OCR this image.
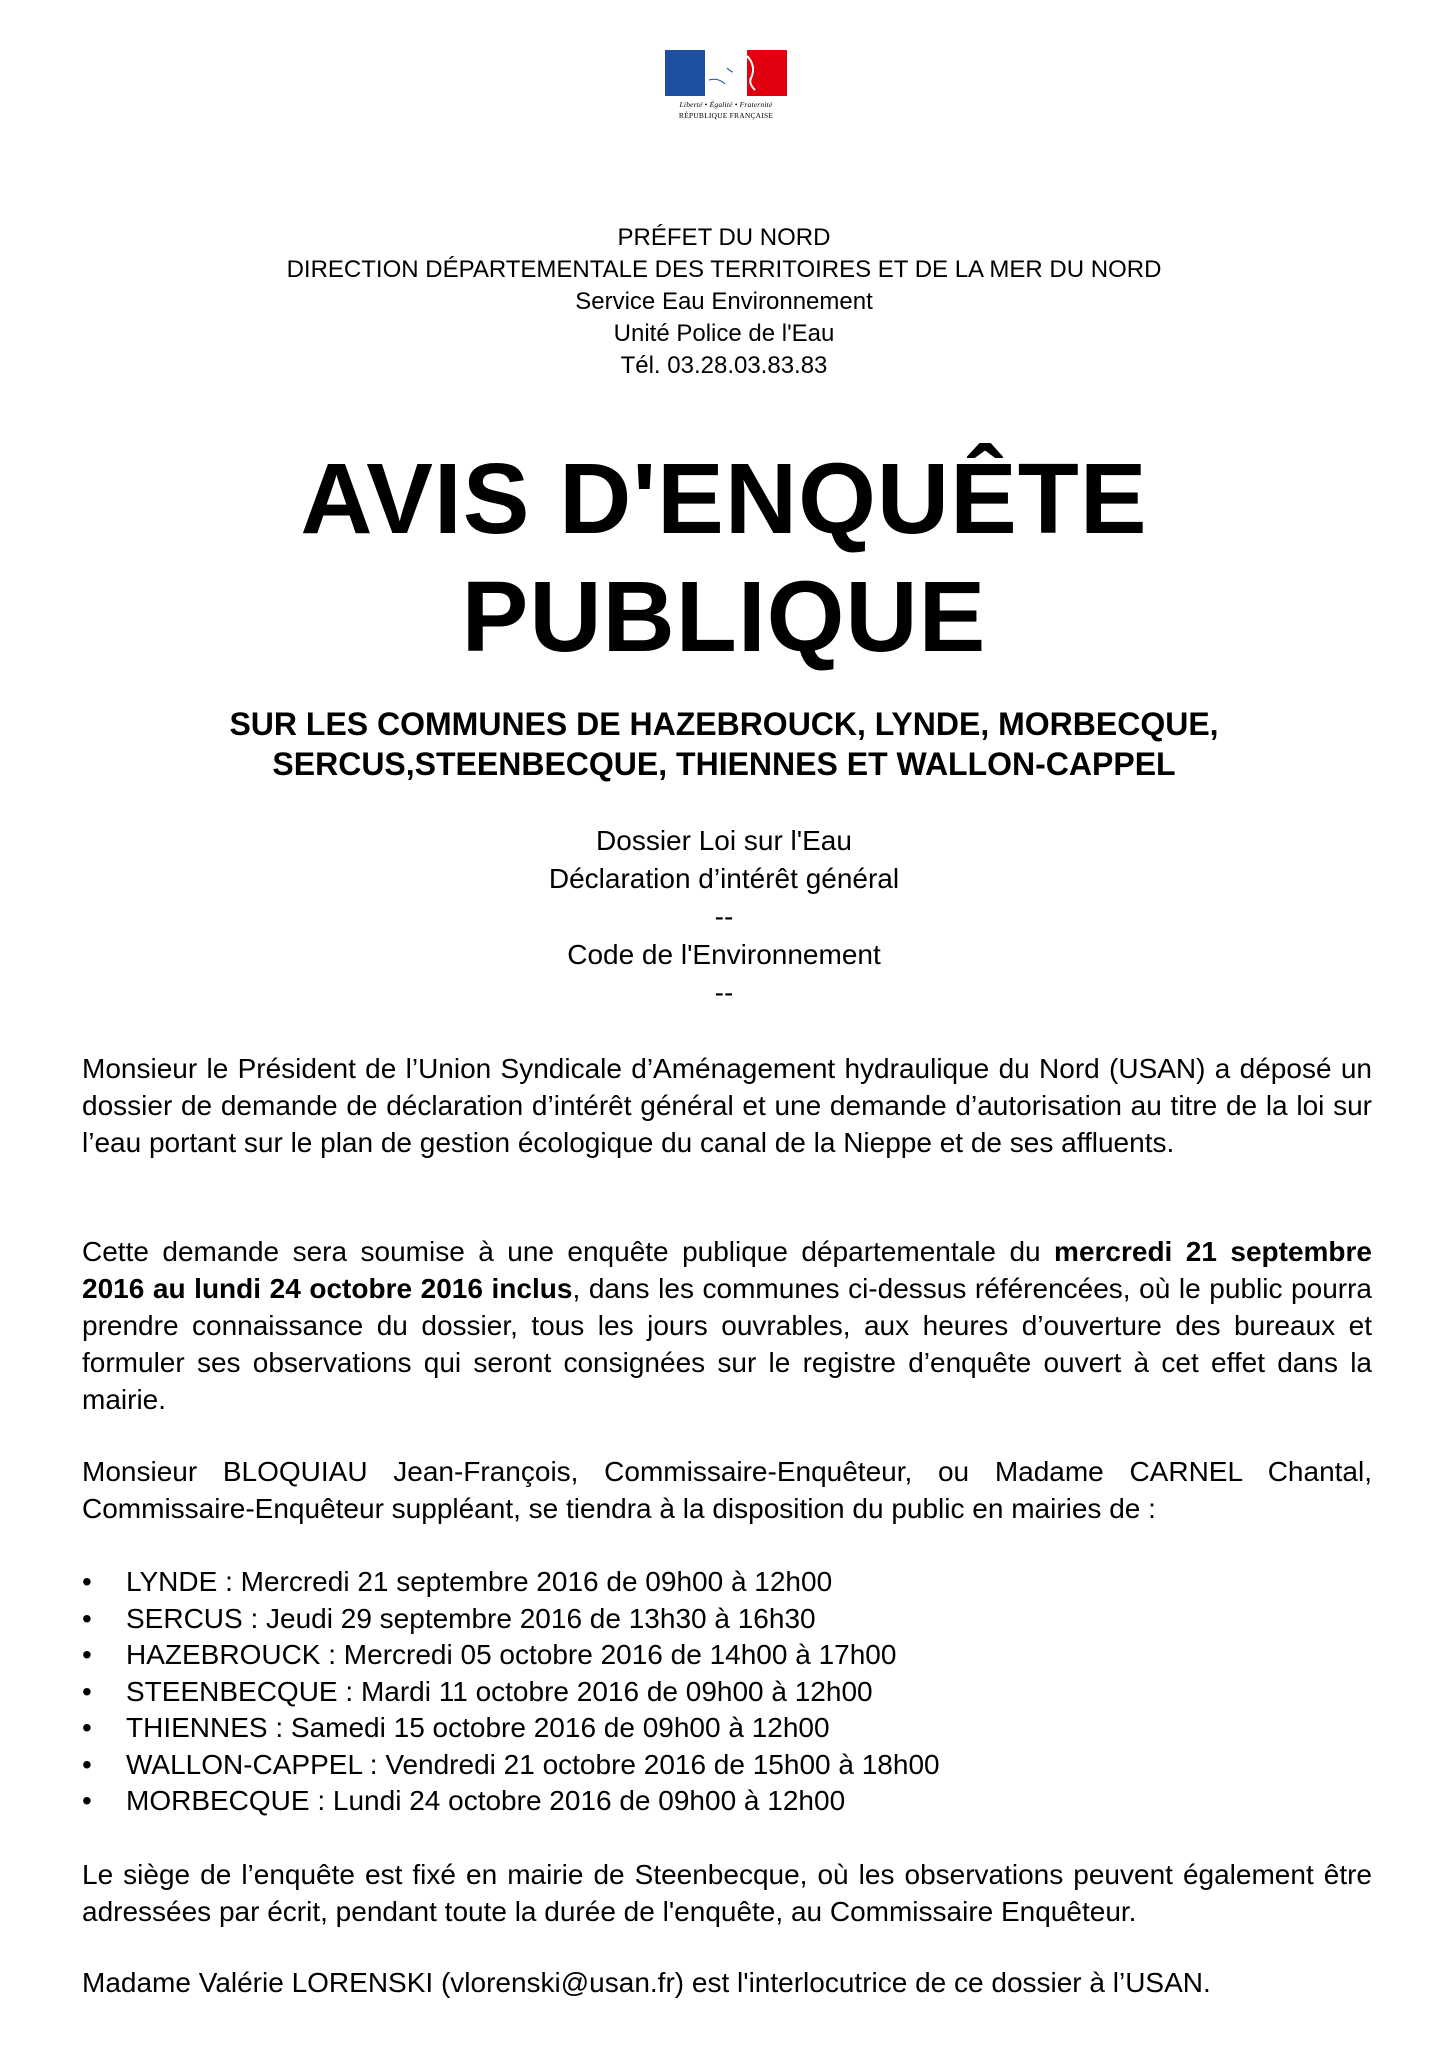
Liberté • Égalité • Fraternité
RÉPUBLIQUE FRANÇAISE
PRÉFET DU NORD
DIRECTION DÉPARTEMENTALE DES TERRITOIRES ET DE LA MER DU NORD
Service Eau Environnement
Unité Police de l'Eau
Tél. 03.28.03.83.83
AVIS D'ENQUÊTE
PUBLIQUE
SUR LES COMMUNES DE HAZEBROUCK, LYNDE, MORBECQUE,
SERCUS,STEENBECQUE, THIENNES ET WALLON-CAPPEL
Dossier Loi sur l'Eau
Déclaration d’intérêt général
--
Code de l'Environnement
--
Monsieur le Président de l’Union Syndicale d’Aménagement hydraulique du Nord (USAN) a déposé un dossier de demande de déclaration d’intérêt général et une demande d’autorisation au titre de la loi sur l’eau portant sur le plan de gestion écologique du canal de la Nieppe et de ses affluents.
Cette demande sera soumise à une enquête publique départementale du mercredi 21 septembre 2016 au lundi 24 octobre 2016 inclus, dans les communes ci-dessus référencées, où le public pourra prendre connaissance du dossier, tous les jours ouvrables, aux heures d’ouverture des bureaux et formuler ses observations qui seront consignées sur le registre d’enquête ouvert à cet effet dans la mairie.
Monsieur BLOQUIAU Jean-François, Commissaire-Enquêteur, ou Madame CARNEL Chantal, Commissaire-Enquêteur suppléant, se tiendra à la disposition du public en mairies de :
• LYNDE : Mercredi 21 septembre 2016 de 09h00 à 12h00
• SERCUS : Jeudi 29 septembre 2016 de 13h30 à 16h30
• HAZEBROUCK : Mercredi 05 octobre 2016 de 14h00 à 17h00
• STEENBECQUE : Mardi 11 octobre 2016 de 09h00 à 12h00
• THIENNES : Samedi 15 octobre 2016 de 09h00 à 12h00
• WALLON-CAPPEL : Vendredi 21 octobre 2016 de 15h00 à 18h00
• MORBECQUE : Lundi 24 octobre 2016 de 09h00 à 12h00
Le siège de l’enquête est fixé en mairie de Steenbecque, où les observations peuvent également être adressées par écrit, pendant toute la durée de l'enquête, au Commissaire Enquêteur.
Madame Valérie LORENSKI (vlorenski@usan.fr) est l'interlocutrice de ce dossier à l’USAN.
